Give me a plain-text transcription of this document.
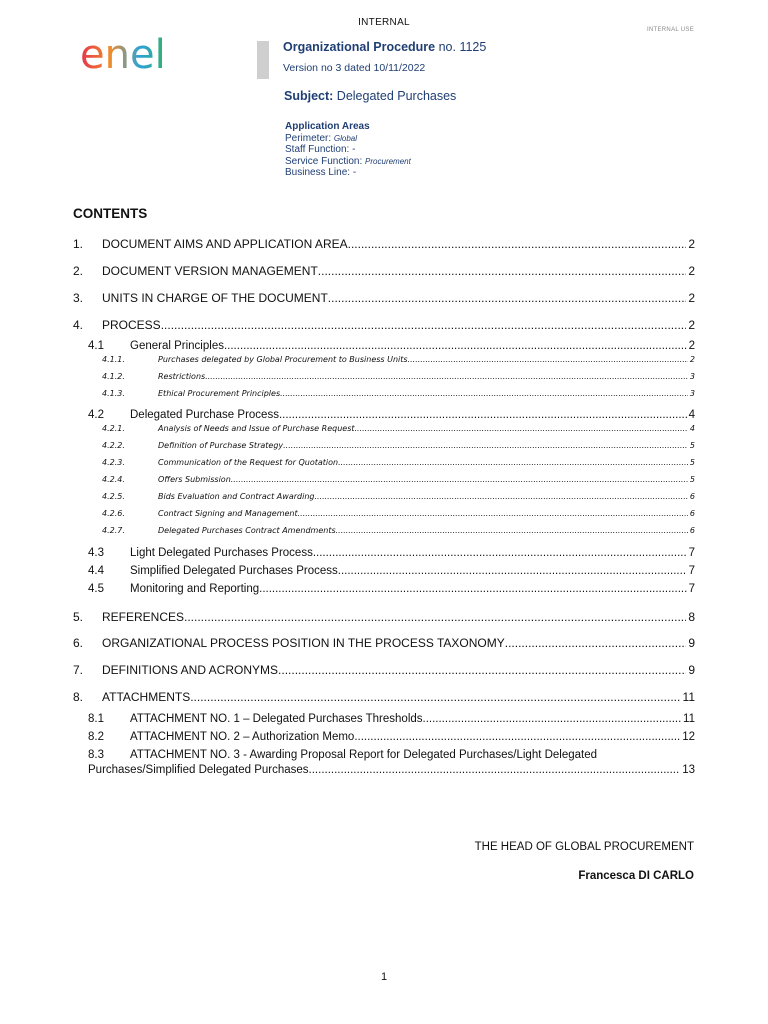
INTERNAL
INTERNAL USE
enel	Organizational Procedure no. 1125
Version no 3 dated 10/11/2022
Subject: Delegated Purchases
Application Areas
Perimeter: Global
Staff Function: -
Service Function: Procurement
Business Line: -
CONTENTS
1.	DOCUMENT AIMS AND APPLICATION AREA .....	2
2.	DOCUMENT VERSION MANAGEMENT .....	2
3.	UNITS IN CHARGE OF THE DOCUMENT .....	2
4.	PROCESS .....	2
4.1	General Principles .....	2
4.1.1.	Purchases delegated by Global Procurement to Business Units .....	2
4.1.2.	Restrictions .....	3
4.1.3.	Ethical Procurement Principles .....	3
4.2	Delegated Purchase Process .....	4
4.2.1.	Analysis of Needs and Issue of Purchase Request .....	4
4.2.2.	Definition of Purchase Strategy .....	5
4.2.3.	Communication of the Request for Quotation .....	5
4.2.4.	Offers Submission .....	5
4.2.5.	Bids Evaluation and Contract Awarding .....	6
4.2.6.	Contract Signing and Management .....	6
4.2.7.	Delegated Purchases Contract Amendments .....	6
4.3	Light Delegated Purchases Process .....	7
4.4	Simplified Delegated Purchases Process .....	7
4.5	Monitoring and Reporting .....	7
5.	REFERENCES .....	8
6.	ORGANIZATIONAL PROCESS POSITION IN THE PROCESS TAXONOMY .....	9
7.	DEFINITIONS AND ACRONYMS .....	9
8.	ATTACHMENTS .....	11
8.1	ATTACHMENT NO. 1 – Delegated Purchases Thresholds .....	11
8.2	ATTACHMENT NO. 2 – Authorization Memo .....	12
8.3 ATTACHMENT NO. 3 - Awarding Proposal Report for Delegated Purchases/Light Delegated
Purchases/Simplified Delegated Purchases .....	13
THE HEAD OF GLOBAL PROCUREMENT
Francesca DI CARLO
1
